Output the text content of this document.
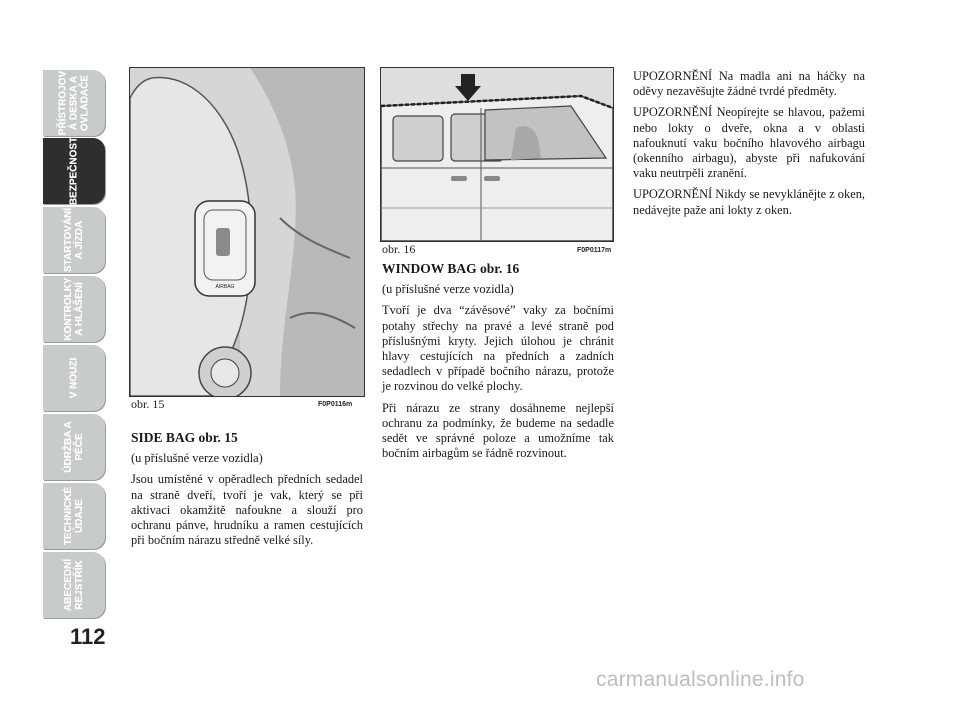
PŘÍSTROJOV
Á DESKA A
OVLADAČE
BEZPEČNOST
STARTOVÁNÍ
A JÍZDA
KONTROLKY
A HLÁŠENÍ
V NOUZI
ÚDRŽBA A
PÉČE
TECHNICKÉ
ÚDAJE
ABECEDNÍ
REJSTŘÍK
112
AIRBAG
obr. 15	F0P0116m
obr. 16	F0P0117m

SIDE BAG obr. 15

(u příslušné verze vozidla)

Jsou umístěné v opěradlech předních sedadel na straně dveří, tvoří je vak, který se při aktivaci okamžitě nafoukne a slouží pro ochranu pánve, hrudníku a ramen cestujících při bočním nárazu středně velké síly.

WINDOW BAG obr. 16

(u příslušné verze vozidla)

Tvoří je dva “závěsové” vaky za bočními potahy střechy na pravé a levé straně pod příslušnými kryty. Jejich úlohou je chránit hlavy cestujících na předních a zadních sedadlech v případě bočního nárazu, protože je rozvinou do velké plochy.

Při nárazu ze strany dosáhneme nejlepší ochranu za podmínky, že budeme na sedadle sedět ve správné poloze a umožníme tak bočním airbagům se řádně rozvinout.

UPOZORNĚNÍ Na madla ani na háčky na oděvy nezavěšujte žádné tvrdé předměty.

UPOZORNĚNÍ Neopírejte se hlavou, pažemi nebo lokty o dveře, okna a v oblasti nafouknutí vaku bočního hlavového airbagu (okenního airbagu), abyste při nafukování vaku neutrpěli zranění.

UPOZORNĚNÍ Nikdy se nevyklánějte z oken, nedávejte paže ani lokty z oken.

carmanualsonline.info
